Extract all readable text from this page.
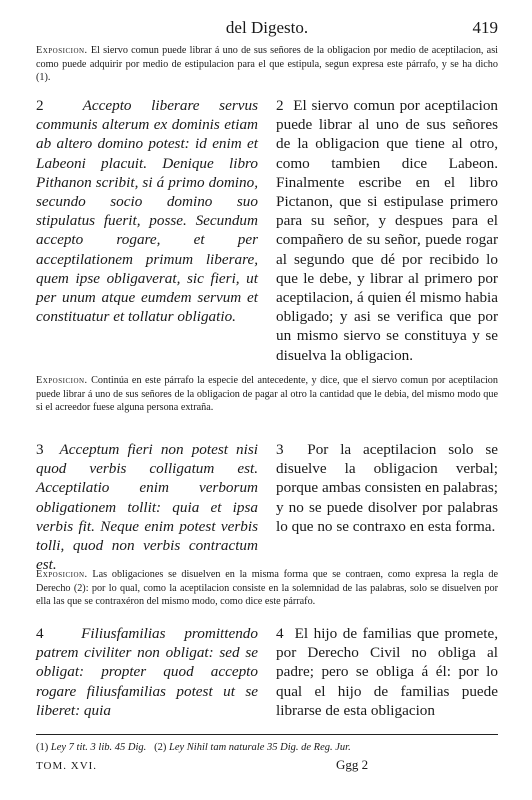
del Digesto.	419
Exposicion. El siervo comun puede librar á uno de sus señores de la obligacion por medio de aceptilacion, asi como puede adquirir por medio de estipulacion para el que estipula, segun expresa este párrafo, y se ha dicho (1).
2	Accepto liberare servus communis alterum ex dominis etiam ab altero domino potest: id enim et Labeoni placuit. Denique libro Pithanon scribit, si á primo domino, secundo socio domino suo stipulatus fuerit, posse. Secundum accepto rogare, et per acceptilationem primum liberare, quem ipse obligaverat, sic fieri, ut per unum atque eumdem servum et constituatur et tollatur obligatio.
2 El siervo comun por aceptilacion puede librar al uno de sus señores de la obligacion que tiene al otro, como tambien dice Labeon. Finalmente escribe en el libro Pictanon, que si estipulase primero para su señor, y despues para el compañero de su señor, puede rogar al segundo que dé por recibido lo que le debe, y librar al primero por aceptilacion, á quien él mismo habia obligado; y asi se verifica que por un mismo siervo se constituya y se disuelva la obligacion.
Exposicion. Continúa en este párrafo la especie del antecedente, y dice, que el siervo comun por aceptilacion puede librar á uno de sus señores de la obligacion de pagar al otro la cantidad que le debia, del mismo modo que si el acreedor fuese alguna persona extraña.
3 Acceptum fieri non potest nisi quod verbis colligatum est. Acceptilatio enim verborum obligationem tollit: quia et ipsa verbis fit. Neque enim potest verbis tolli, quod non verbis contractum est.
3 Por la aceptilacion solo se disuelve la obligacion verbal; porque ambas consisten en palabras; y no se puede disolver por palabras lo que no se contraxo en esta forma.
Exposicion. Las obligaciones se disuelven en la misma forma que se contraen, como expresa la regla de Derecho (2): por lo qual, como la aceptilacion consiste en la solemnidad de las palabras, solo se disuelven por ella las que se contraxéron del mismo modo, como dice este párrafo.
4 Filiusfamilias promittendo patrem civiliter non obligat: sed se obligat: propter quod accepto rogare filiusfamilias potest ut se liberet: quia
4 El hijo de familias que promete, por Derecho Civil no obliga al padre; pero se obliga á él: por lo qual el hijo de familias puede librarse de esta obligacion
(1) Ley 7 tit. 3 lib. 45 Dig. (2) Ley Nihil tam naturale 35 Dig. de Reg. Jur.
TOM. XVI.	Ggg 2
